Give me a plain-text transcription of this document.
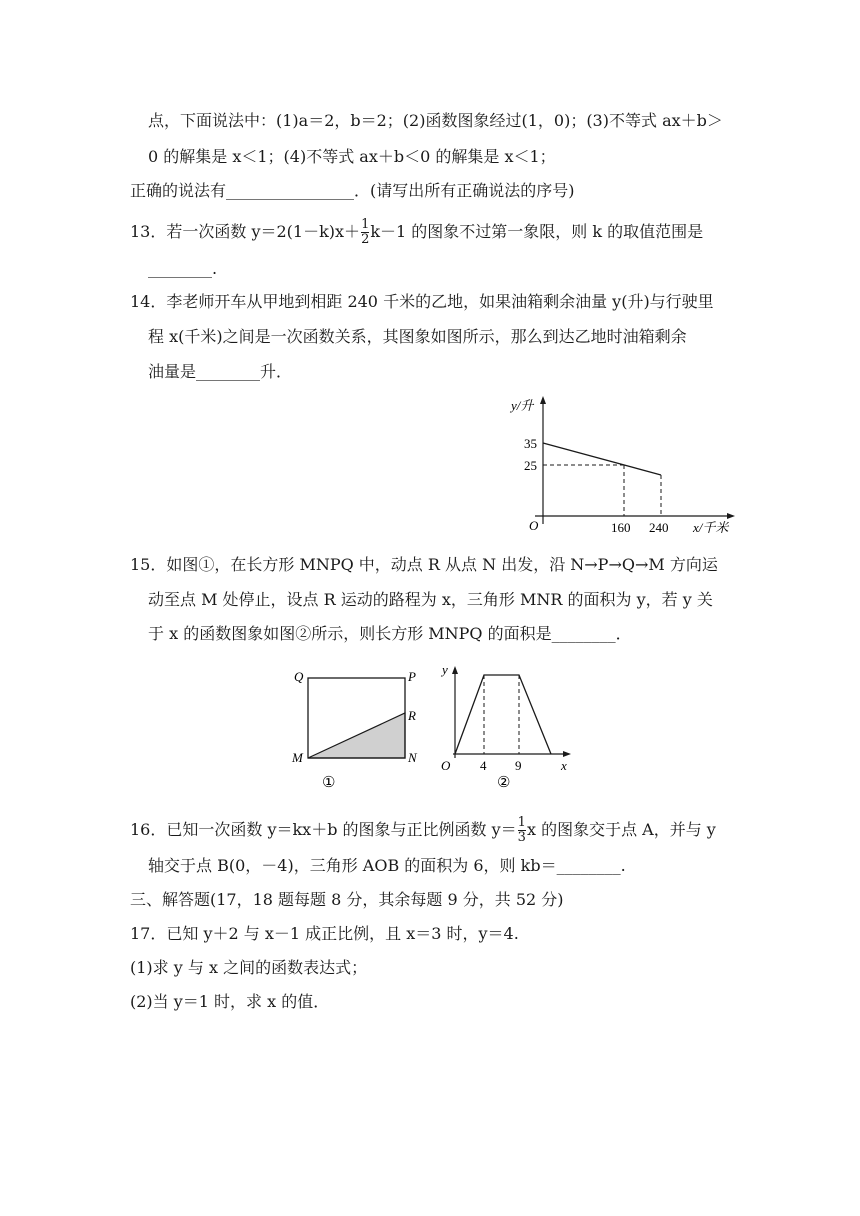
点，下面说法中：(1)a＝2，b＝2；(2)函数图象经过(1，0)；(3)不等式 ax＋b＞
0 的解集是 x＜1；(4)不等式 ax＋b＜0 的解集是 x＜1；
正确的说法有________________．(请写出所有正确说法的序号)
13．若一次函数 $y=2(1-k)x+ \frac{1}{2} k-1$ 的图象不过第一象限，则 k 的取值范围是
________.
14．李老师开车从甲地到相距 240 千米的乙地，如果油箱剩余油量 y(升)与行驶里
程 x(千米)之间是一次函数关系，其图象如图所示，那么到达乙地时油箱剩余
油量是________升．
y/升
x/千米
O
35
25
160 240
15．如图①，在长方形 MNPQ 中，动点 R 从点 N 出发，沿 N→P→Q→M 方向运
动至点 M 处停止，设点 R 运动的路程为 x，三角形 MNR 的面积为 y，若 y 关
于 x 的函数图象如图②所示，则长方形 MNPQ 的面积是________．
Q	P
M	N
R
①
y
x
O 4 9
②
16．已知一次函数 y＝kx＋b 的图象与正比例函数 $y= \frac{1}{3}$ x 的图象交于点 A，并与 y
轴交于点 B(0，－4)，三角形 AOB 的面积为 6，则 kb＝________.
三、解答题(17，18 题每题 8 分，其余每题 9 分，共 52 分)
17．已知 y＋2 与 x－1 成正比例，且 x＝3 时，y＝4.
(1)求 y 与 x 之间的函数表达式；
(2)当 y＝1 时，求 x 的值．
